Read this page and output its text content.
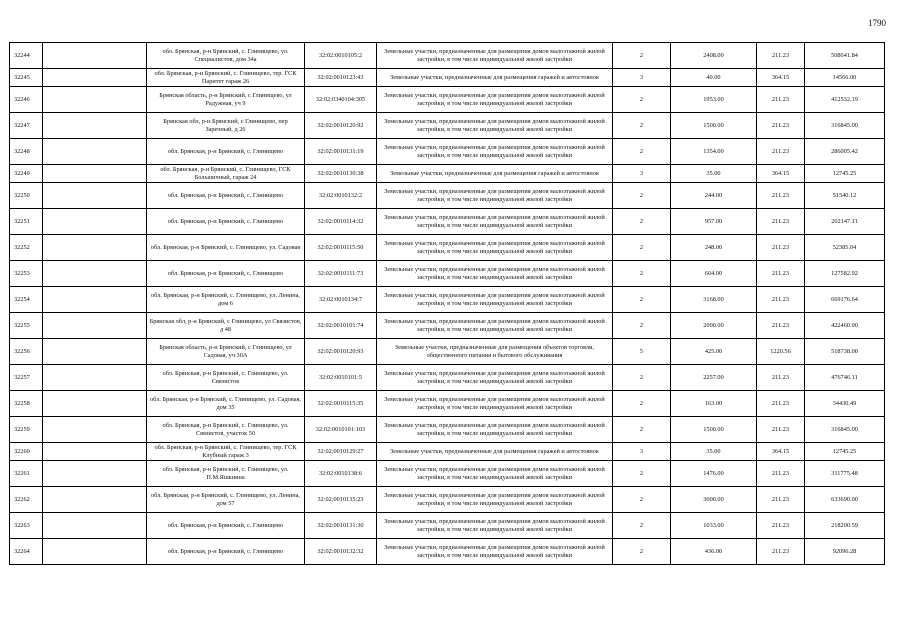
1790
32244		обл. Брянская, р-н Брянский, с. Глинищево, ул. Специалистов, дом 34а	32:02:0010105:2	Земельные участки, предназначенные для размещения домов малоэтажной жилой застройки, в том числе индивидуальной жилой застройки	2	2408.00	211.23	508641.84
32245		обл. Брянская, р-н Брянский, с. Глинищево, тер. ГСК Паритет гараж 26	32:02:0010123:43	Земельные участки, предназначенные для размещения гаражей и автостоянок	3	40.00	364.15	14566.00
32246		Брянская область, р-н Брянский, с Глинищево, ул Радужная, уч 9	32:02:0340104:305	Земельные участки, предназначенные для размещения домов малоэтажной жилой застройки, в том числе индивидуальной жилой застройки	2	1953.00	211.23	412532.19
32247		Брянская обл, р-н Брянский, с Глинищево, пер Заречный, д 26	32:02:0010120:92	Земельные участки, предназначенные для размещения домов малоэтажной жилой застройки, в том числе индивидуальной жилой застройки	2	1500.00	211.23	316845.00
32248		обл. Брянская, р-н Брянский, с. Глинищево	32:02:0010131:19	Земельные участки, предназначенные для размещения домов малоэтажной жилой застройки, в том числе индивидуальной жилой застройки	2	1354.00	211.23	286005.42
32249		обл. Брянская, р-н Брянский, с. Глинищево, ГСК Большичный, гараж 24	32:02:0010130:38	Земельные участки, предназначенные для размещения гаражей и автостоянок	3	35.00	364.15	12745.25
32250		обл. Брянская, р-н Брянский, с. Глинищево	32:02:0010132:2	Земельные участки, предназначенные для размещения домов малоэтажной жилой застройки, в том числе индивидуальной жилой застройки	2	244.00	211.23	51540.12
32251		обл. Брянская, р-н Брянский, с. Глинищево	32:02:0010114:32	Земельные участки, предназначенные для размещения домов малоэтажной жилой застройки, в том числе индивидуальной жилой застройки	2	957.00	211.23	202147.11
32252		обл. Брянская, р-н Брянский, с. Глинищево, ул. Садовая	32:02:0010115:50	Земельные участки, предназначенные для размещения домов малоэтажной жилой застройки, в том числе индивидуальной жилой застройки	2	248.00	211.23	52385.04
32253		обл. Брянская, р-н Брянский, с. Глинищево	32:02:0010111:73	Земельные участки, предназначенные для размещения домов малоэтажной жилой застройки, в том числе индивидуальной жилой застройки	2	604.00	211.23	127582.92
32254		обл. Брянская, р-н Брянский, с. Глинищево, ул. Ленина, дом 6	32:02:0010134:7	Земельные участки, предназначенные для размещения домов малоэтажной жилой застройки, в том числе индивидуальной жилой застройки	2	3168.00	211.23	669176.64
32255		Брянская обл, р-н Брянский, с Глинищево, ул Связистов, д 48	32:02:0010101:74	Земельные участки, предназначенные для размещения домов малоэтажной жилой застройки, в том числе индивидуальной жилой застройки	2	2000.00	211.23	422460.00
32256		Брянская область, р-н Брянский, с Глинищево, ул Садовая, уч 30А	32:02:0010120:93	Земельные участки, предназначенные для размещения объектов торговли, общественного питания и бытового обслуживания	5	425.00	1220.56	518738.00
32257		обл. Брянская, р-н Брянский, с. Глинищево, ул. Связистов	32:02:0010101:5	Земельные участки, предназначенные для размещения домов малоэтажной жилой застройки, в том числе индивидуальной жилой застройки	2	2257.00	211.23	476746.11
32258		обл. Брянская, р-н Брянский, с. Глинищево, ул. Садовая, дом 35	32:02:0010115:35	Земельные участки, предназначенные для размещения домов малоэтажной жилой застройки, в том числе индивидуальной жилой застройки	2	163.00	211.23	34430.49
32259		обл. Брянская, р-н Брянский, с. Глинищево, ул. Связистов, участок 50	32:02:0010101:103	Земельные участки, предназначенные для размещения домов малоэтажной жилой застройки, в том числе индивидуальной жилой застройки	2	1500.00	211.23	316845.00
32260		обл. Брянская, р-н Брянский, с. Глинищево, тер. ГСК Клубный гараж 3	32:02:0010129:27	Земельные участки, предназначенные для размещения гаражей и автостоянок	3	35.00	364.15	12745.25
32261		обл. Брянская, р-н Брянский, с. Глинищево, ул. П.М.Яшкиина	32:02:0010138:6	Земельные участки, предназначенные для размещения домов малоэтажной жилой застройки, в том числе индивидуальной жилой застройки	2	1476.00	211.23	311775.48
32262		обл. Брянская, р-н Брянский, с. Глинищево, ул. Ленина, дом 57	32:02:0010135:23	Земельные участки, предназначенные для размещения домов малоэтажной жилой застройки, в том числе индивидуальной жилой застройки	2	3000.00	211.23	633690.00
32263		обл. Брянская, р-н Брянский, с. Глинищево	32:02:0010131:30	Земельные участки, предназначенные для размещения домов малоэтажной жилой застройки, в том числе индивидуальной жилой застройки	2	1033.00	211.23	218200.59
32264		обл. Брянская, р-н Брянский, с. Глинищево	32:02:0010132:32	Земельные участки, предназначенные для размещения домов малоэтажной жилой застройки, в том числе индивидуальной жилой застройки	2	436.00	211.23	92096.28
